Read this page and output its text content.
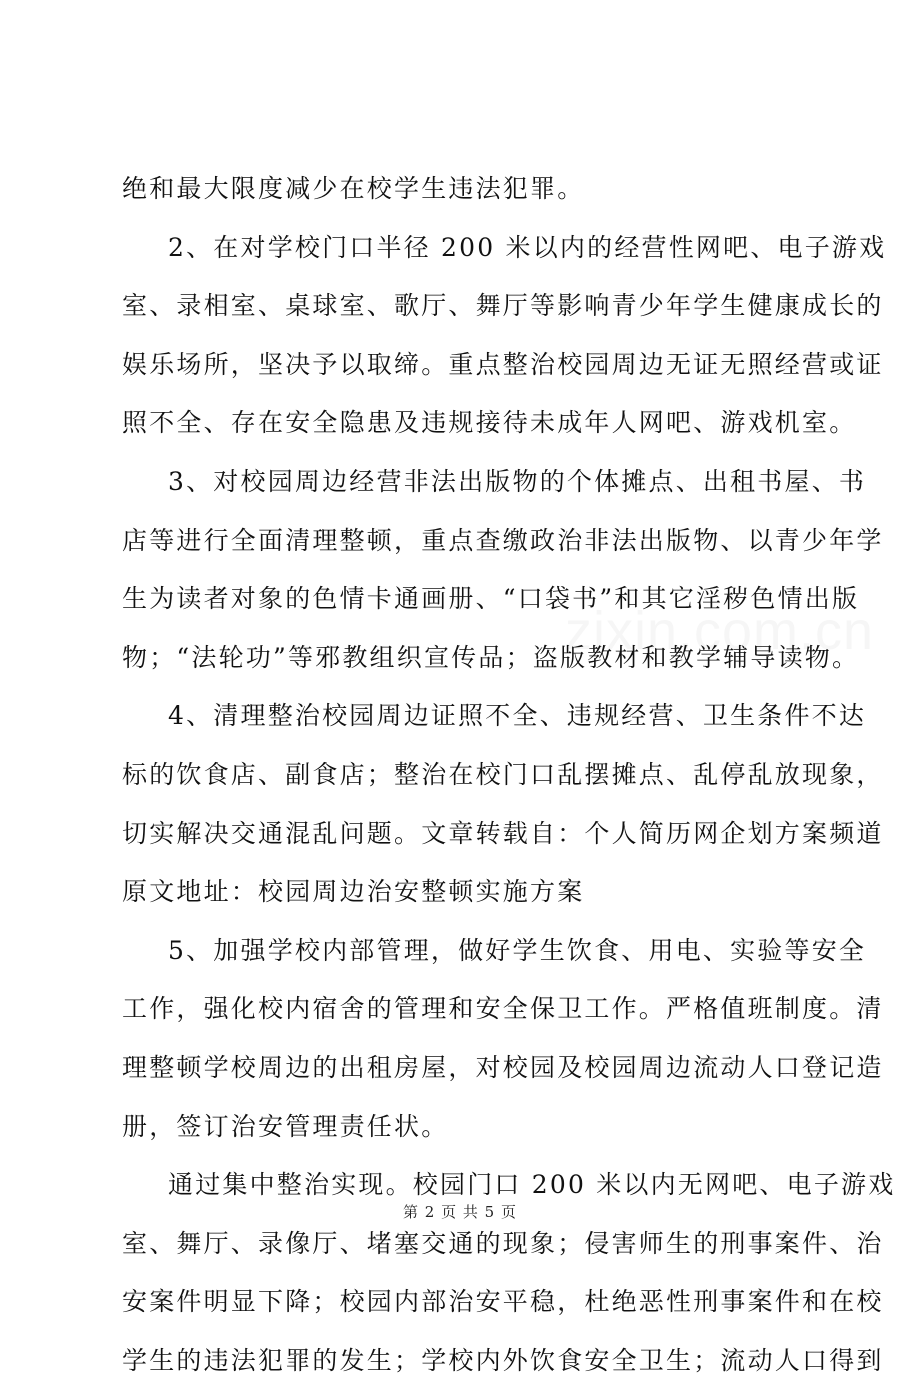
zixin.com.cn
绝和最大限度减少在校学生违法犯罪。
2、在对学校门口半径 200 米以内的经营性网吧、电子游戏
室、录相室、桌球室、歌厅、舞厅等影响青少年学生健康成长的
娱乐场所，坚决予以取缔。重点整治校园周边无证无照经营或证
照不全、存在安全隐患及违规接待未成年人网吧、游戏机室。
3、对校园周边经营非法出版物的个体摊点、出租书屋、书
店等进行全面清理整顿，重点查缴政治非法出版物、以青少年学
生为读者对象的色情卡通画册、“口袋书”和其它淫秽色情出版
物；“法轮功”等邪教组织宣传品；盗版教材和教学辅导读物。
4、清理整治校园周边证照不全、违规经营、卫生条件不达
标的饮食店、副食店；整治在校门口乱摆摊点、乱停乱放现象，
切实解决交通混乱问题。文章转载自：个人简历网企划方案频道
原文地址：校园周边治安整顿实施方案
5、加强学校内部管理，做好学生饮食、用电、实验等安全
工作，强化校内宿舍的管理和安全保卫工作。严格值班制度。清
理整顿学校周边的出租房屋，对校园及校园周边流动人口登记造
册，签订治安管理责任状。
通过集中整治实现。校园门口 200 米以内无网吧、电子游戏
室、舞厅、录像厅、堵塞交通的现象；侵害师生的刑事案件、治
安案件明显下降；校园内部治安平稳，杜绝恶性刑事案件和在校
学生的违法犯罪的发生；学校内外饮食安全卫生；流动人口得到
第 2 页 共 5 页
